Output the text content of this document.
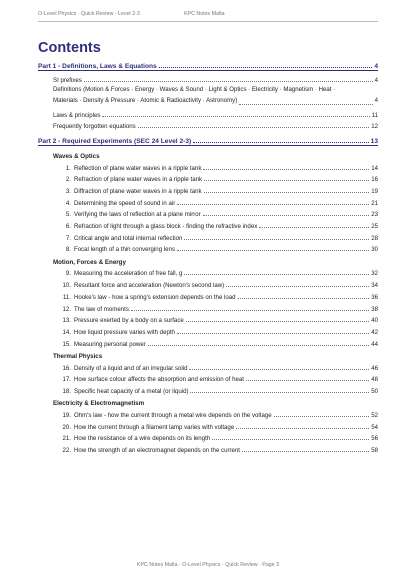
O-Level Physics · Quick Review · Level 2-3	KPC Notes Malta
Contents
Part 1 - Definitions, Laws & Equations	4
SI prefixes	4
Definitions (Motion & Forces · Energy · Waves & Sound · Light & Optics · Electricity · Magnetism · Heat ·
Materials · Density & Pressure · Atomic & Radioactivity · Astronomy)	4
Laws & principles	11
Frequently forgotten equations	12
Part 2 - Required Experiments (SEC 24 Level 2-3)	13
Waves & Optics
1. Reflection of plane water waves in a ripple tank	14
2. Refraction of plane water waves in a ripple tank	16
3. Diffraction of plane water waves in a ripple tank	19
4. Determining the speed of sound in air	21
5. Verifying the laws of reflection at a plane mirror	23
6. Refraction of light through a glass block - finding the refractive index	25
7. Critical angle and total internal reflection	28
8. Focal length of a thin converging lens	30
Motion, Forces & Energy
9. Measuring the acceleration of free fall, g	32
10. Resultant force and acceleration (Newton's second law)	34
11. Hooke's law - how a spring's extension depends on the load	36
12. The law of moments	38
13. Pressure exerted by a body on a surface	40
14. How liquid pressure varies with depth	42
15. Measuring personal power	44
Thermal Physics
16. Density of a liquid and of an irregular solid	46
17. How surface colour affects the absorption and emission of heat	48
18. Specific heat capacity of a metal (or liquid)	50
Electricity & Electromagnetism
19. Ohm's law - how the current through a metal wire depends on the voltage	52
20. How the current through a filament lamp varies with voltage	54
21. How the resistance of a wire depends on its length	56
22. How the strength of an electromagnet depends on the current	58
KPC Notes Malta · O-Level Physics · Quick Review · Page 3
